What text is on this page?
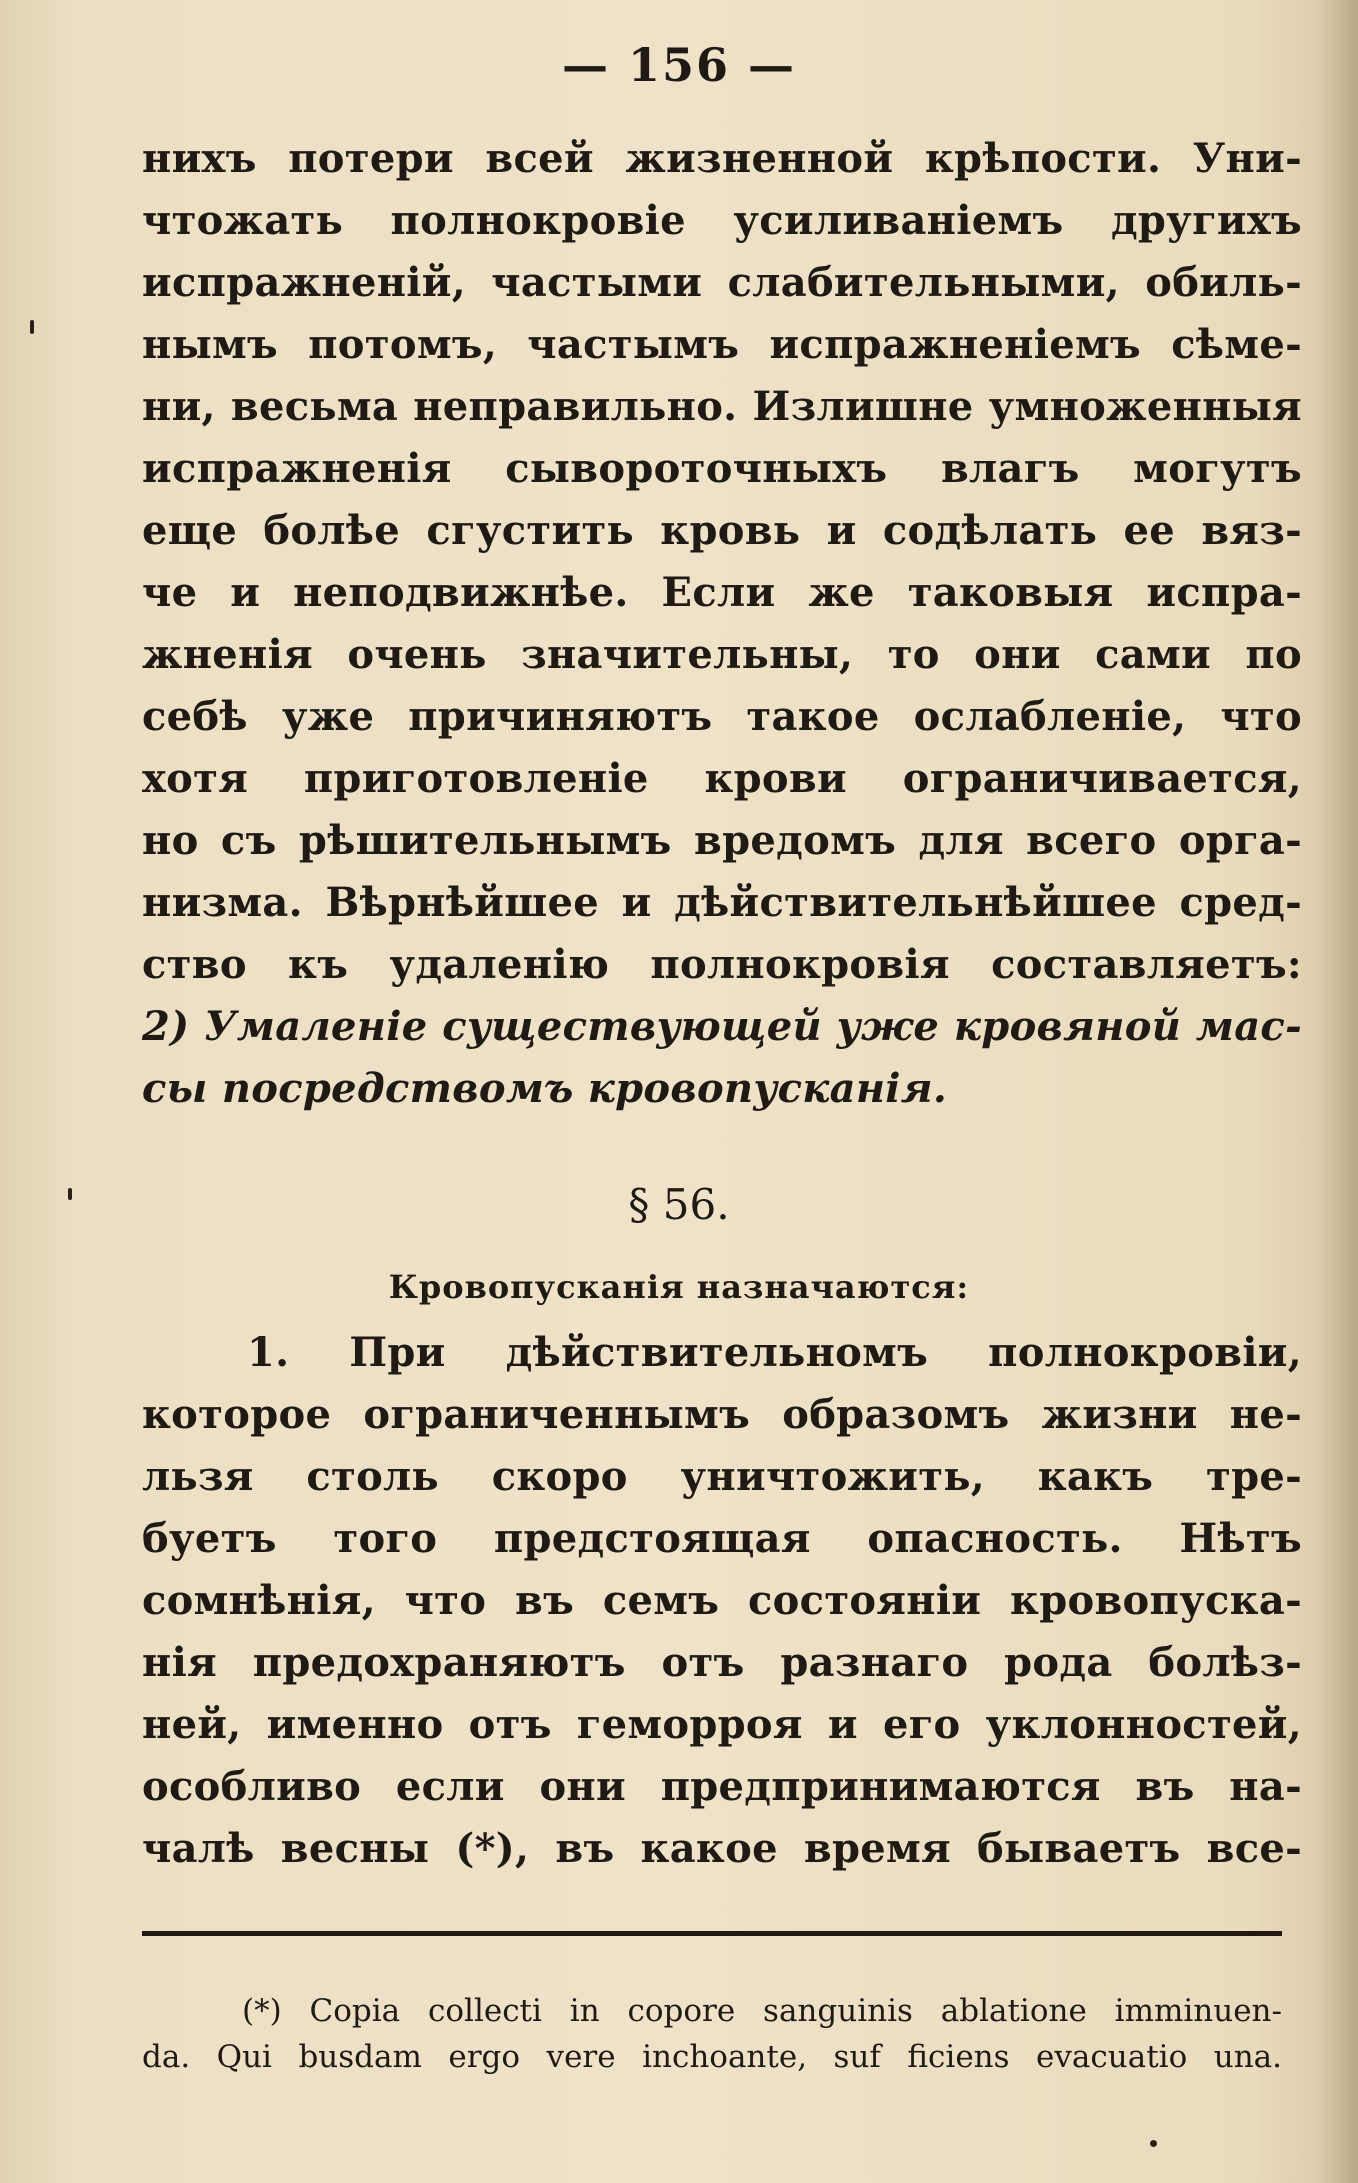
— 156 —
нихъ потери всей жизненной крѣпости. Уни-
чтожать полнокровіе усиливаніемъ другихъ
испражненій, частыми слабительными, обиль-
нымъ потомъ, частымъ испражненіемъ сѣме-
ни, весьма неправильно. Излишне умноженныя
испражненія сывороточныхъ влагъ могутъ
еще болѣе сгустить кровь и содѣлать ее вяз-
че и неподвижнѣе. Если же таковыя испра-
жненія очень значительны, то они сами по
себѣ уже причиняютъ такое ослабленіе, что
хотя приготовленіе крови ограничивается,
но съ рѣшительнымъ вредомъ для всего орга-
низма. Вѣрнѣйшее и дѣйствительнѣйшее сред-
ство къ удаленію полнокровія составляетъ:
2) Умаленіе существующей уже кровяной мас-
сы посредствомъ кровопусканія.
§ 56.
Кровопусканія назначаются:
1. При дѣйствительномъ полнокровіи,
которое ограниченнымъ образомъ жизни не-
льзя столь скоро уничтожить, какъ тре-
буетъ того предстоящая опасность. Нѣтъ
сомнѣнія, что въ семъ состояніи кровопуска-
нія предохраняютъ отъ разнаго рода болѣз-
ней, именно отъ геморроя и его уклонностей,
особливо если они предпринимаются въ на-
чалѣ весны (*), въ какое время бываетъ все-
(*) Copia collecti in copore sanguinis ablatione imminuen-
da. Qui busdam ergo vere inchoante, suf ficiens evacuatio una.
